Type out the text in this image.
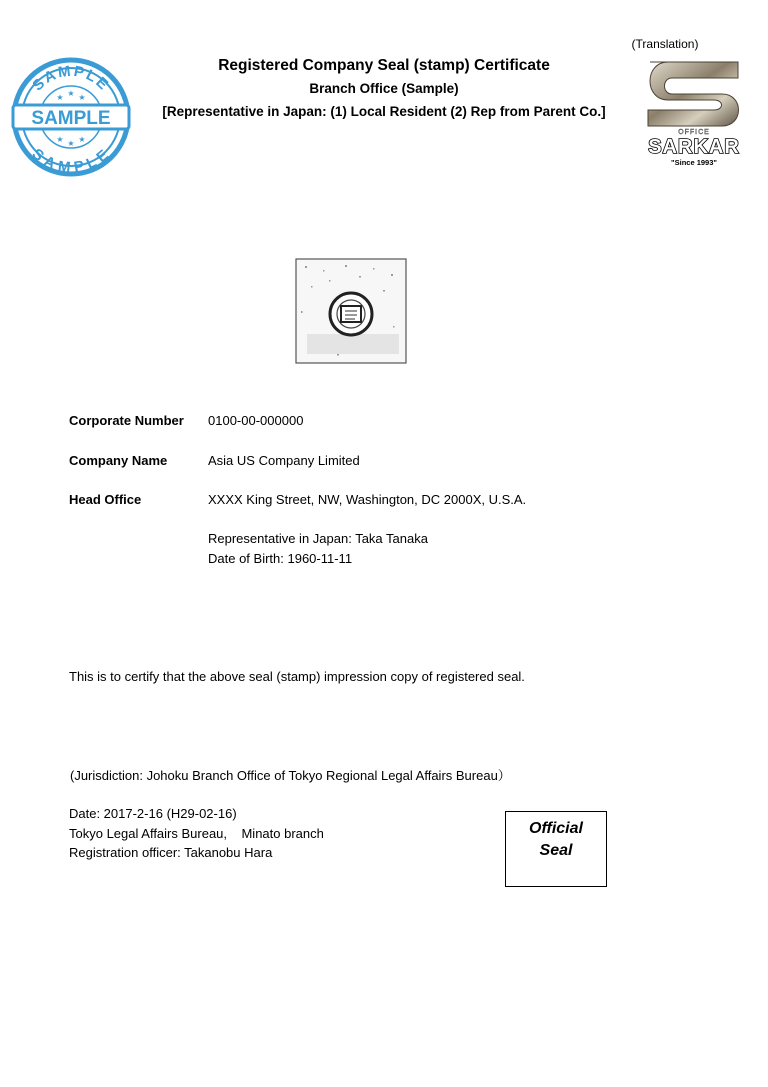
(Translation)
Registered Company Seal (stamp) Certificate
Branch Office (Sample)
[Representative in Japan: (1) Local Resident (2) Rep from Parent Co.]
SAMPLE
SAMPLE
SAMPLE
★ ★ ★
★ ★ ★
OFFICE
SARKAR
"Since 1993"
Corporate Number 0100-00-000000
Company Name	Asia US Company Limited
Head Office	XXXX King Street, NW, Washington, DC 2000X, U.S.A.
Representative in Japan: Taka Tanaka
Date of Birth: 1960-11-11
This is to certify that the above seal (stamp) impression copy of registered seal.
(Jurisdiction: Johoku Branch Office of Tokyo Regional Legal Affairs Bureau）
Date: 2017-2-16 (H29-02-16)
Tokyo Legal Affairs Bureau,    Minato branch
Registration officer: Takanobu Hara
Official
Seal
